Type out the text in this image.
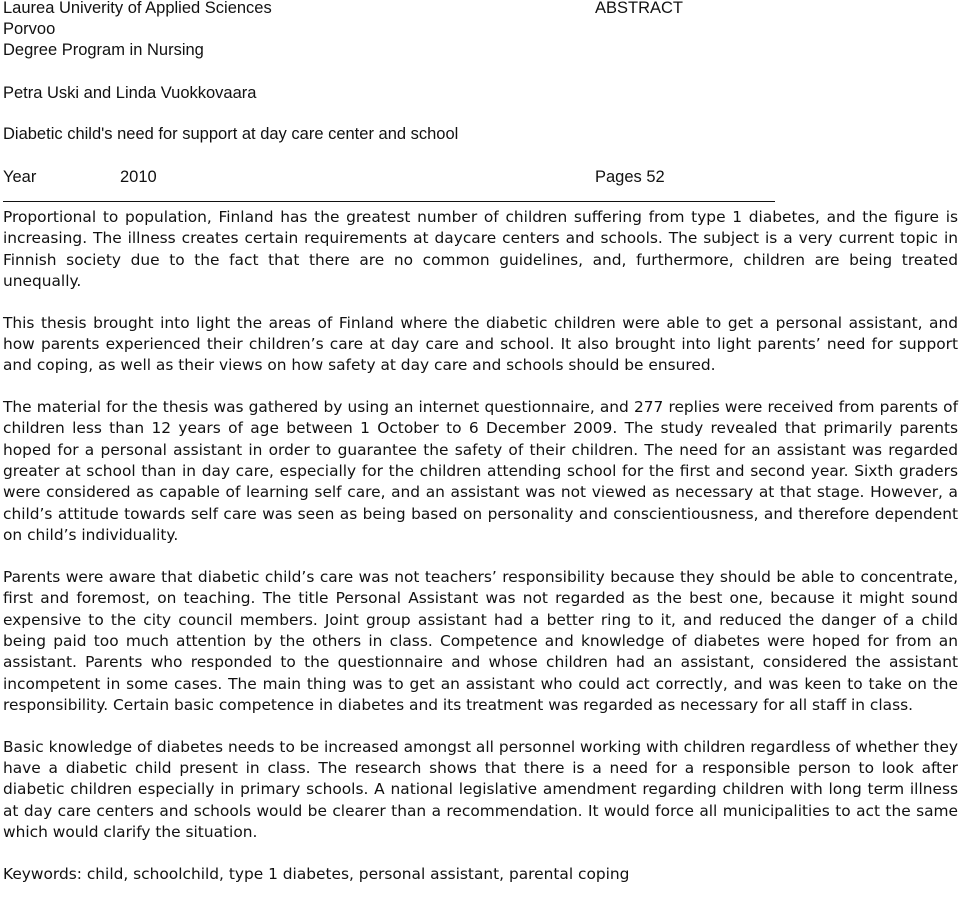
Laurea Univerity of Applied Sciences
Porvoo
Degree Program in Nursing
ABSTRACT
Petra Uski and Linda Vuokkovaara
Diabetic child's need for support at day care center and school
Year	2010	Pages 52

Proportional to population, Finland has the greatest number of children suffering from type 1 diabetes, and the figure is increasing. The illness creates certain requirements at daycare centers and schools. The subject is a very current topic in Finnish society due to the fact that there are no common guidelines, and, furthermore, children are being treated unequally.

This thesis brought into light the areas of Finland where the diabetic children were able to get a personal assistant, and how parents experienced their children’s care at day care and school. It also brought into light parents’ need for support and coping, as well as their views on how safety at day care and schools should be ensured.

The material for the thesis was gathered by using an internet questionnaire, and 277 replies were received from parents of children less than 12 years of age between 1 October to 6 December 2009. The study revealed that primarily parents hoped for a personal assistant in order to guarantee the safety of their children. The need for an assistant was regarded greater at school than in day care, especially for the children attending school for the first and second year. Sixth graders were considered as capable of learning self care, and an assistant was not viewed as necessary at that stage. However, a child’s attitude towards self care was seen as being based on personality and conscientiousness, and therefore dependent on child’s individuality.

Parents were aware that diabetic child’s care was not teachers’ responsibility because they should be able to concentrate, first and foremost, on teaching. The title Personal Assistant was not regarded as the best one, because it might sound expensive to the city council members. Joint group assistant had a better ring to it, and reduced the danger of a child being paid too much attention by the others in class. Competence and knowledge of diabetes were hoped for from an assistant. Parents who responded to the questionnaire and whose children had an assistant, considered the assistant incompetent in some cases. The main thing was to get an assistant who could act correctly, and was keen to take on the responsibility. Certain basic competence in diabetes and its treatment was regarded as necessary for all staff in class.

Basic knowledge of diabetes needs to be increased amongst all personnel working with children regardless of whether they have a diabetic child present in class. The research shows that there is a need for a responsible person to look after diabetic children especially in primary schools. A national legislative amendment regarding children with long term illness at day care centers and schools would be clearer than a recommendation. It would force all municipalities to act the same which would clarify the situation.

Keywords: child, schoolchild, type 1 diabetes, personal assistant, parental coping
